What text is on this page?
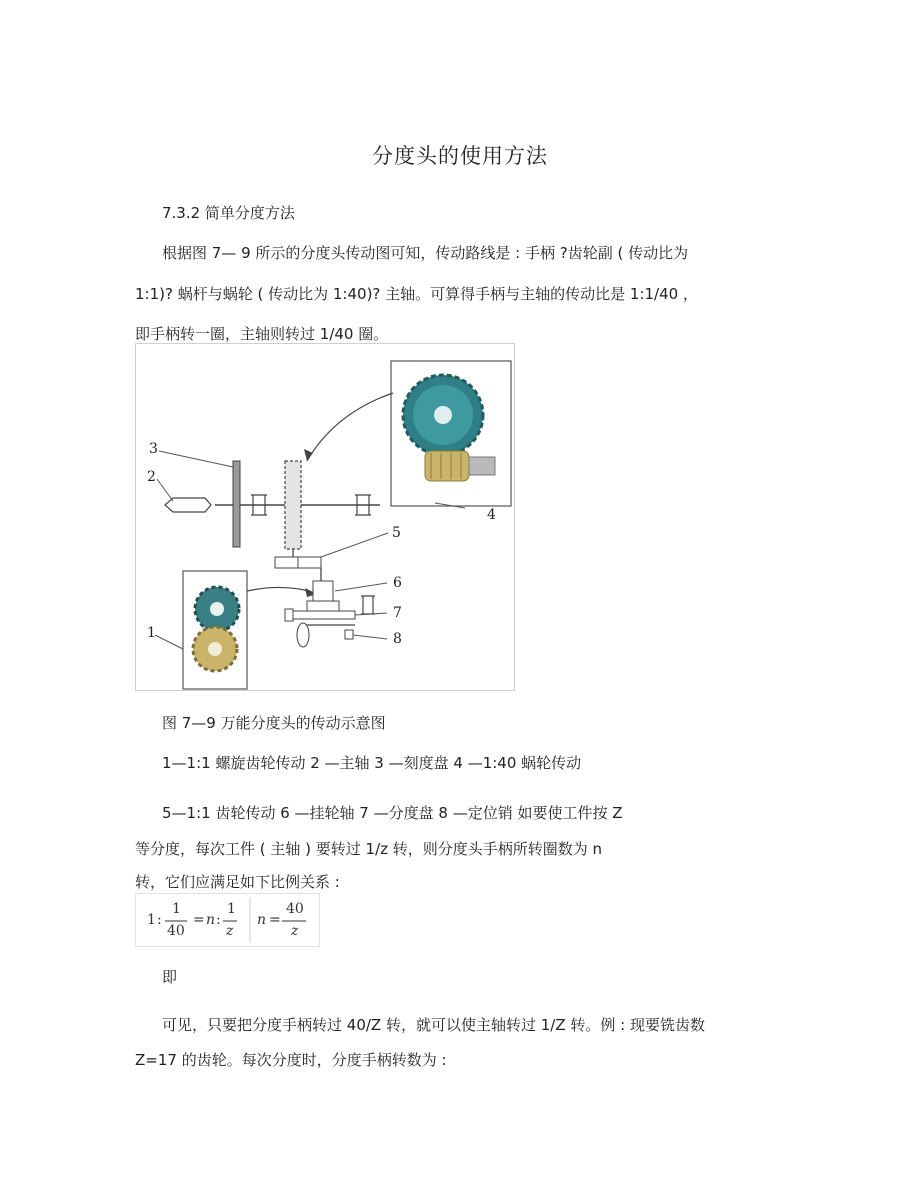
分度头的使用方法
7.3.2 简单分度方法
根据图 7— 9 所示的分度头传动图可知，传动路线是 : 手柄 ?齿轮副 ( 传动比为
1:1)? 蜗杆与蜗轮 ( 传动比为 1:40)? 主轴。可算得手柄与主轴的传动比是 1:1/40 ，
即手柄转一圈，主轴则转过 1/40 圈。
3
2
4
5
6
7
8
1
图 7—9 万能分度头的传动示意图
1—1:1 螺旋齿轮传动 2 —主轴 3 —刻度盘 4 —1:40 蜗轮传动
5—1:1 齿轮传动 6 —挂轮轴 7 —分度盘 8 —定位销 如要使工件按 Z
等分度，每次工件 ( 主轴 ) 要转过 1/z 转，则分度头手柄所转圈数为 n
转，它们应满足如下比例关系 :
1 :
1
40
= n :
1
z
n =
40
z
即
可见，只要把分度手柄转过 40/Z 转，就可以使主轴转过 1/Z 转。例 : 现要铣齿数
Z=17 的齿轮。每次分度时，分度手柄转数为 :
